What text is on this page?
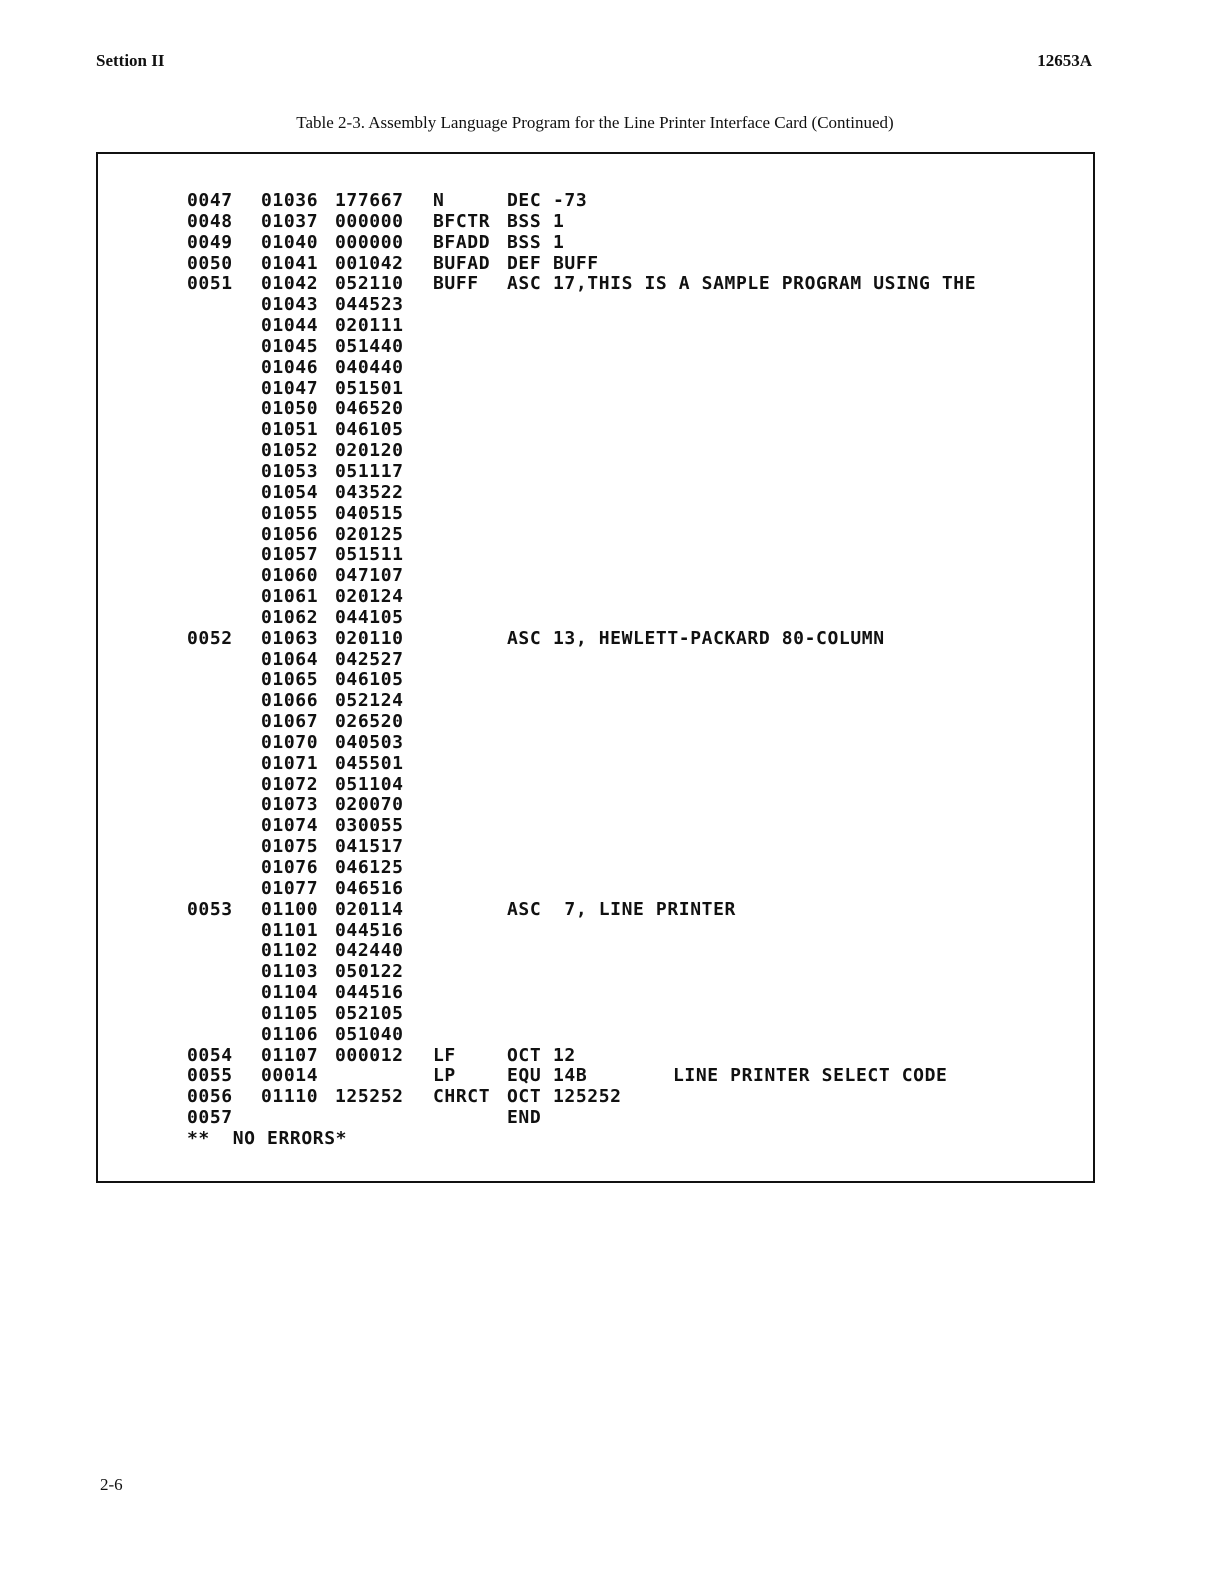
Settion II	12653A
Table 2-3. Assembly Language Program for the Line Printer Interface Card (Continued)
0047 01036 177667 N	DEC -73
0048 01037 000000 BFCTR BSS 1
0049 01040 000000 BFADD BSS 1
0050 01041 001042 BUFAD DEF BUFF
0051 01042 052110 BUFF ASC 17,THIS IS A SAMPLE PROGRAM USING THE
01043 044523
01044 020111
01045 051440
01046 040440
01047 051501
01050 046520
01051 046105
01052 020120
01053 051117
01054 043522
01055 040515
01056 020125
01057 051511
01060 047107
01061 020124
01062 044105
0052 01063 020110	ASC 13, HEWLETT-PACKARD 80-COLUMN
01064 042527
01065 046105
01066 052124
01067 026520
01070 040503
01071 045501
01072 051104
01073 020070
01074 030055
01075 041517
01076 046125
01077 046516
0053 01100 020114	ASC 7, LINE PRINTER
01101 044516
01102 042440
01103 050122
01104 044516
01105 052105
01106 051040
0054 01107 000012 LF	OCT 12
0055 00014	LP	EQU 14B	LINE PRINTER SELECT CODE
0056 01110 125252 CHRCT OCT 125252
0057	END
**  NO ERRORS*
2-6
